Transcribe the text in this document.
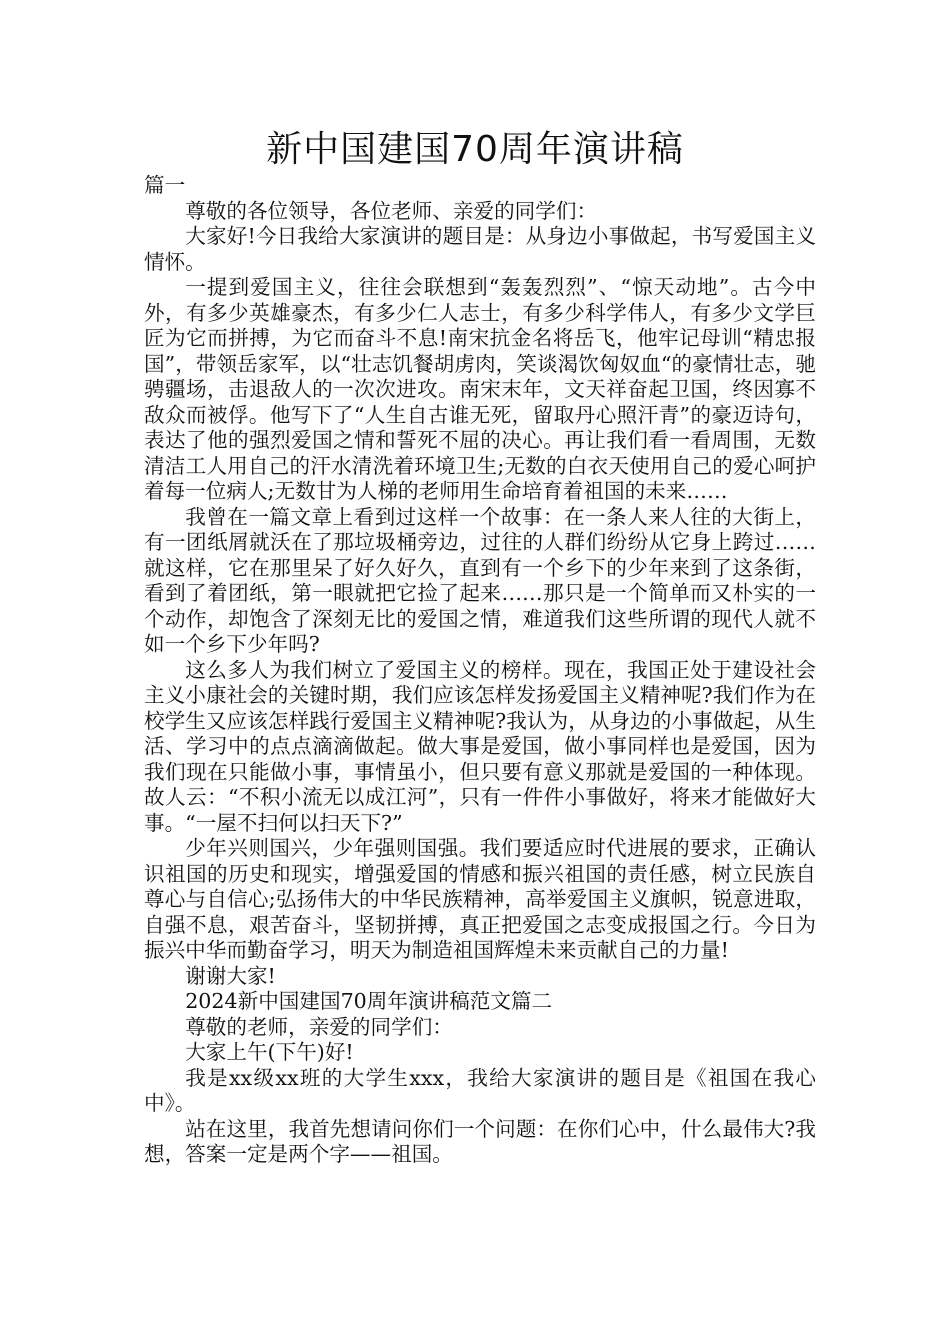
新中国建国70周年演讲稿

篇一

尊敬的各位领导，各位老师、亲爱的同学们：

大家好!今日我给大家演讲的题目是：从身边小事做起，书写爱国主义情怀。

一提到爱国主义，往往会联想到“轰轰烈烈”、“惊天动地”。古今中外，有多少英雄豪杰，有多少仁人志士，有多少科学伟人，有多少文学巨匠为它而拼搏，为它而奋斗不息!南宋抗金名将岳飞，他牢记母训“精忠报国”，带领岳家军，以“壮志饥餐胡虏肉，笑谈渴饮匈奴血“的豪情壮志，驰骋疆场，击退敌人的一次次进攻。南宋末年，文天祥奋起卫国，终因寡不敌众而被俘。他写下了“人生自古谁无死，留取丹心照汗青”的豪迈诗句，表达了他的强烈爱国之情和誓死不屈的决心。再让我们看一看周围，无数清洁工人用自己的汗水清洗着环境卫生;无数的白衣天使用自己的爱心呵护着每一位病人;无数甘为人梯的老师用生命培育着祖国的未来……

我曾在一篇文章上看到过这样一个故事：在一条人来人往的大街上，有一团纸屑就沃在了那垃圾桶旁边，过往的人群们纷纷从它身上跨过……就这样，它在那里呆了好久好久，直到有一个乡下的少年来到了这条街，看到了着团纸，第一眼就把它捡了起来……那只是一个简单而又朴实的一个动作，却饱含了深刻无比的爱国之情，难道我们这些所谓的现代人就不如一个乡下少年吗?

这么多人为我们树立了爱国主义的榜样。现在，我国正处于建设社会主义小康社会的关键时期，我们应该怎样发扬爱国主义精神呢?我们作为在校学生又应该怎样践行爱国主义精神呢?我认为，从身边的小事做起，从生活、学习中的点点滴滴做起。做大事是爱国，做小事同样也是爱国，因为我们现在只能做小事，事情虽小，但只要有意义那就是爱国的一种体现。故人云：“不积小流无以成江河”，只有一件件小事做好，将来才能做好大事。“一屋不扫何以扫天下?”

少年兴则国兴，少年强则国强。我们要适应时代进展的要求，正确认识祖国的历史和现实，增强爱国的情感和振兴祖国的责任感，树立民族自尊心与自信心;弘扬伟大的中华民族精神，高举爱国主义旗帜，锐意进取，自强不息，艰苦奋斗，坚韧拼搏，真正把爱国之志变成报国之行。今日为振兴中华而勤奋学习，明天为制造祖国辉煌未来贡献自己的力量!

谢谢大家!

2024新中国建国70周年演讲稿范文篇二

尊敬的老师，亲爱的同学们：

大家上午(下午)好!

我是xx级xx班的大学生xxx，我给大家演讲的题目是《祖国在我心中》。

站在这里，我首先想请问你们一个问题：在你们心中，什么最伟大?我想，答案一定是两个字——祖国。
